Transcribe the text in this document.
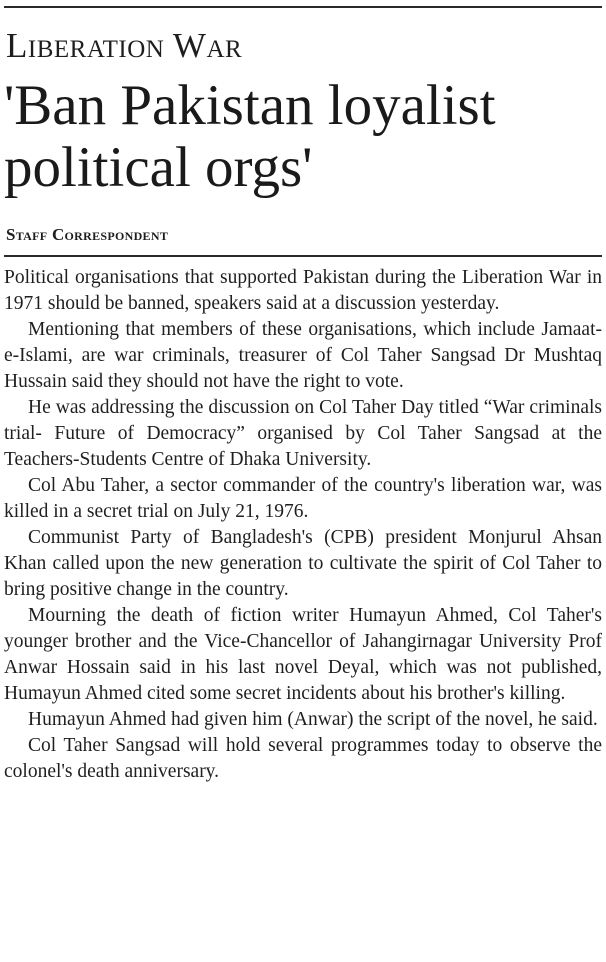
Liberation War
'Ban Pakistan loyalist political orgs'
Staff Correspondent

Political organisations that supported Pakistan during the Liberation War in 1971 should be banned, speakers said at a discussion yesterday.

Mentioning that members of these organisations, which include Jamaat-e-Islami, are war criminals, treasurer of Col Taher Sangsad Dr Mushtaq Hussain said they should not have the right to vote.

He was addressing the discussion on Col Taher Day titled “War criminals trial- Future of Democracy” organised by Col Taher Sangsad at the Teachers-Students Centre of Dhaka University.

Col Abu Taher, a sector commander of the country's liberation war, was killed in a secret trial on July 21, 1976.

Communist Party of Bangladesh's (CPB) president Monjurul Ahsan Khan called upon the new generation to cultivate the spirit of Col Taher to bring positive change in the country.

Mourning the death of fiction writer Humayun Ahmed, Col Taher's younger brother and the Vice-Chancellor of Jahangirnagar University Prof Anwar Hossain said in his last novel Deyal, which was not published, Humayun Ahmed cited some secret incidents about his brother's killing.

Humayun Ahmed had given him (Anwar) the script of the novel, he said.

Col Taher Sangsad will hold several programmes today to observe the colonel's death anniversary.
